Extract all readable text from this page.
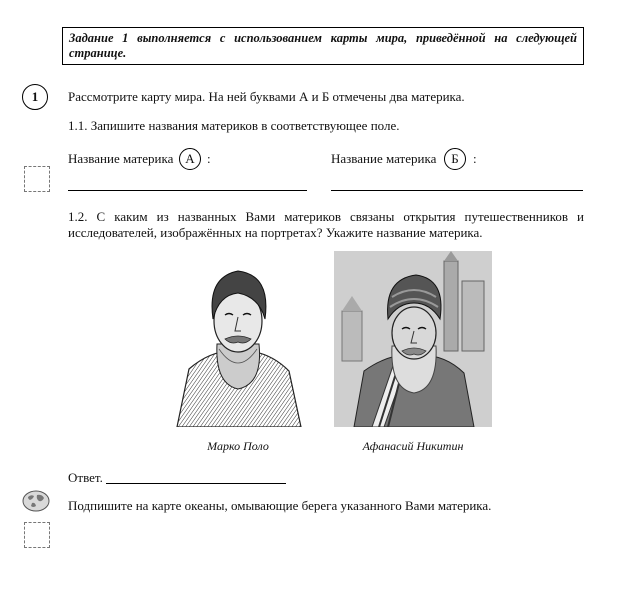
Задание 1 выполняется с использованием карты мира, приведённой на следующей странице.
1	Рассмотрите карту мира. На ней буквами А и Б отмечены два материка.
1.1. Запишите названия материков в соответствующее поле.
Название материка А :	Название материка	Б	:
1.2. С каким из названных Вами материков связаны открытия путешественников и исследователей, изображённых на портретах? Укажите название материка.
Марко Поло	Афанасий Никитин
Ответ.
Подпишите на карте океаны, омывающие берега указанного Вами материка.
